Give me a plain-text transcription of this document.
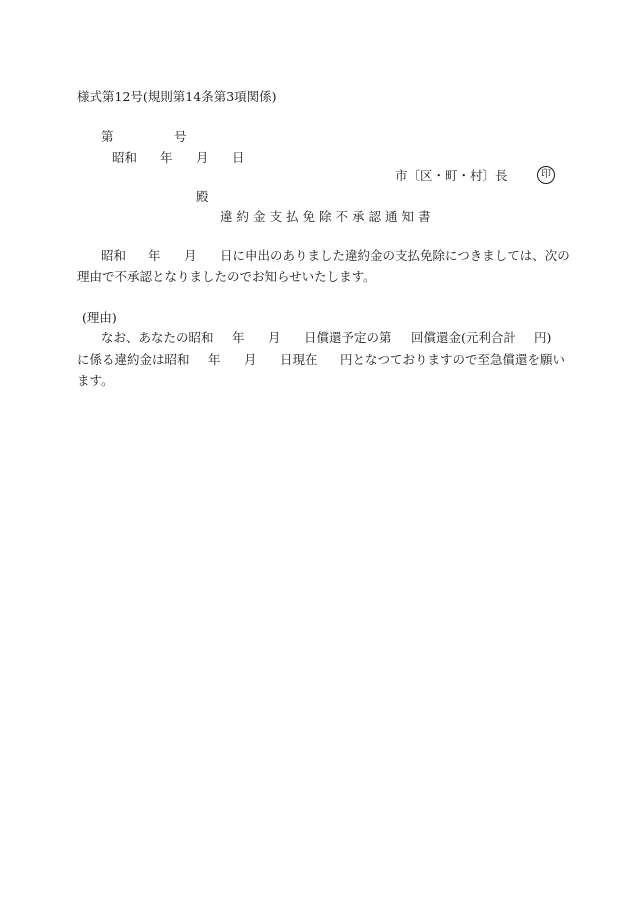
様式第12号(規則第14条第3項関係)
第	号
昭和 年 月 日
市〔区・町・村〕長	印
殿
違約金支払免除不承認通知書
昭和 年 月 日に申出のありました違約金の支払免除につきましては、次の
理由で不承認となりましたのでお知らせいたします。
(理由)
なお、あなたの昭和 年 月 日償還予定の第 回償還金(元利合計 円)
に係る違約金は昭和 年 月 日現在 円となつておりますので至急償還を願い
ます。
